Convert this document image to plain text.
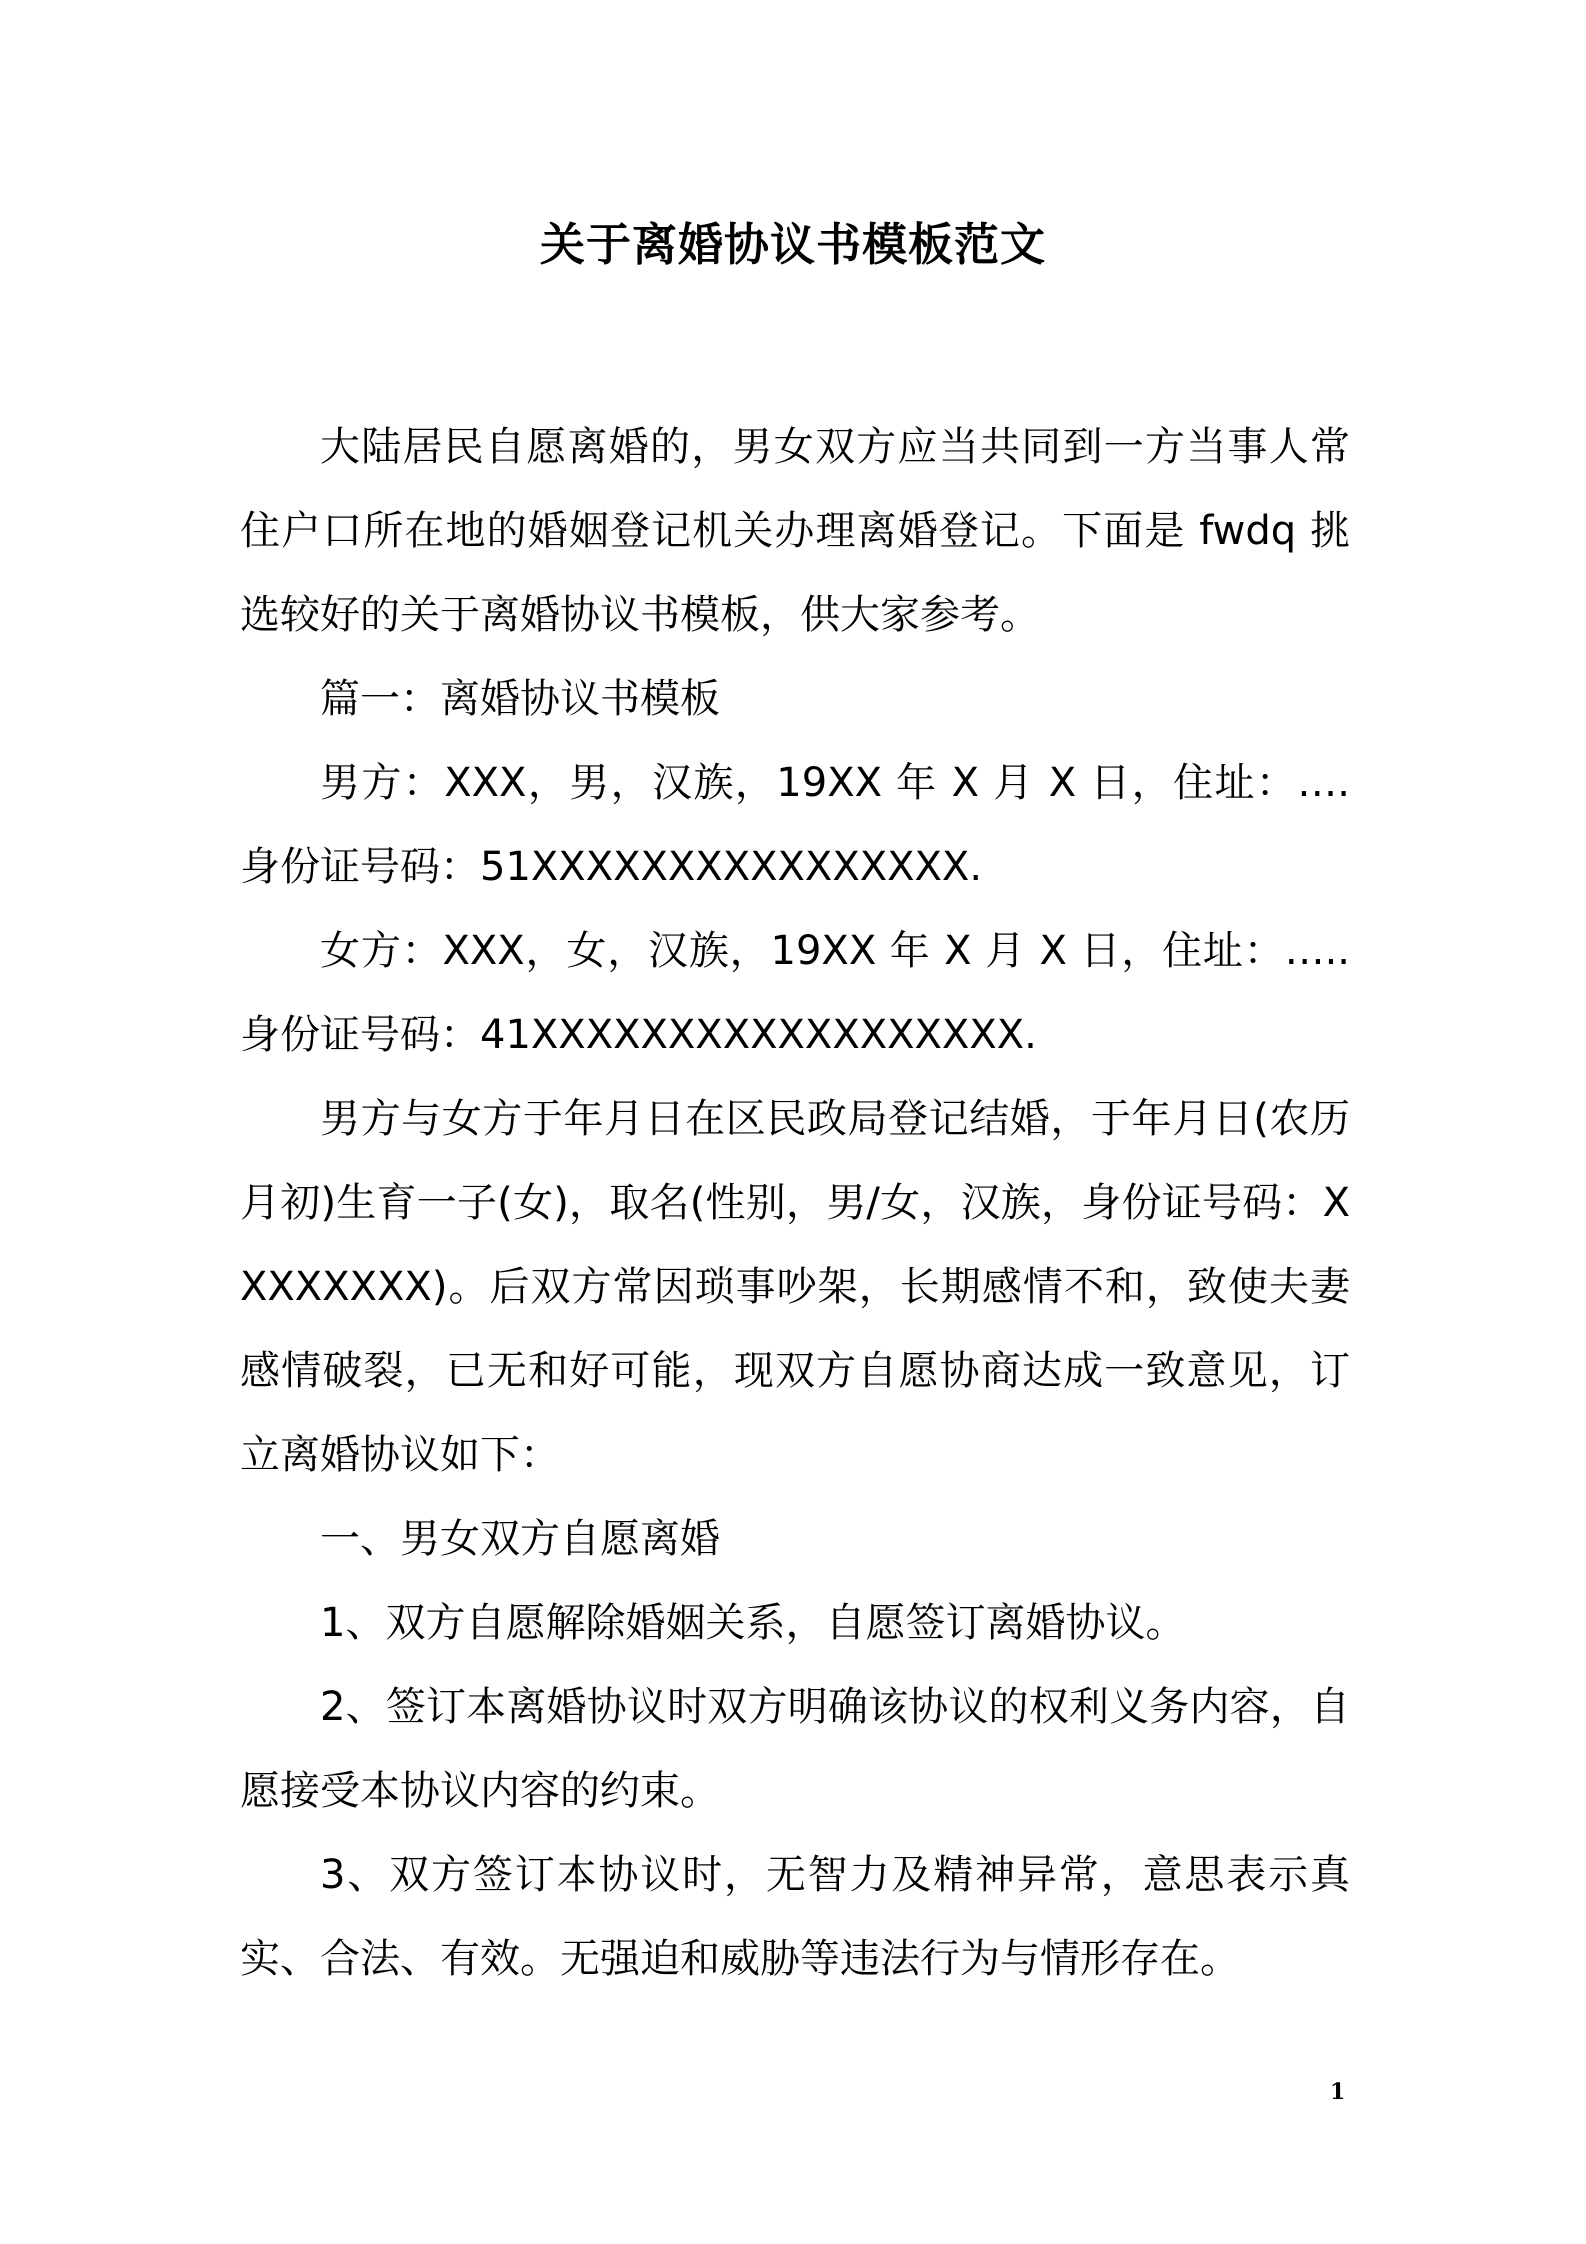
关于离婚协议书模板范文

大陆居民自愿离婚的，男女双方应当共同到一方当事人常住户口所在地的婚姻登记机关办理离婚登记。下面是 fwdq 挑选较好的关于离婚协议书模板，供大家参考。

篇一：离婚协议书模板

男方：XXX，男，汉族，19XX 年 X 月 X 日，住址：….身份证号码：51XXXXXXXXXXXXXXXX.

女方：XXX，女，汉族，19XX 年 X 月 X 日，住址：…..身份证号码：41XXXXXXXXXXXXXXXXXX.

男方与女方于年月日在区民政局登记结婚，于年月日(农历月初)生育一子(女)，取名(性别，男/女，汉族，身份证号码：XXXXXXXX)。后双方常因琐事吵架，长期感情不和，致使夫妻感情破裂，已无和好可能，现双方自愿协商达成一致意见，订立离婚协议如下：

一、男女双方自愿离婚

1、双方自愿解除婚姻关系，自愿签订离婚协议。

2、签订本离婚协议时双方明确该协议的权利义务内容，自愿接受本协议内容的约束。

3、双方签订本协议时，无智力及精神异常，意思表示真实、合法、有效。无强迫和威胁等违法行为与情形存在。

1
